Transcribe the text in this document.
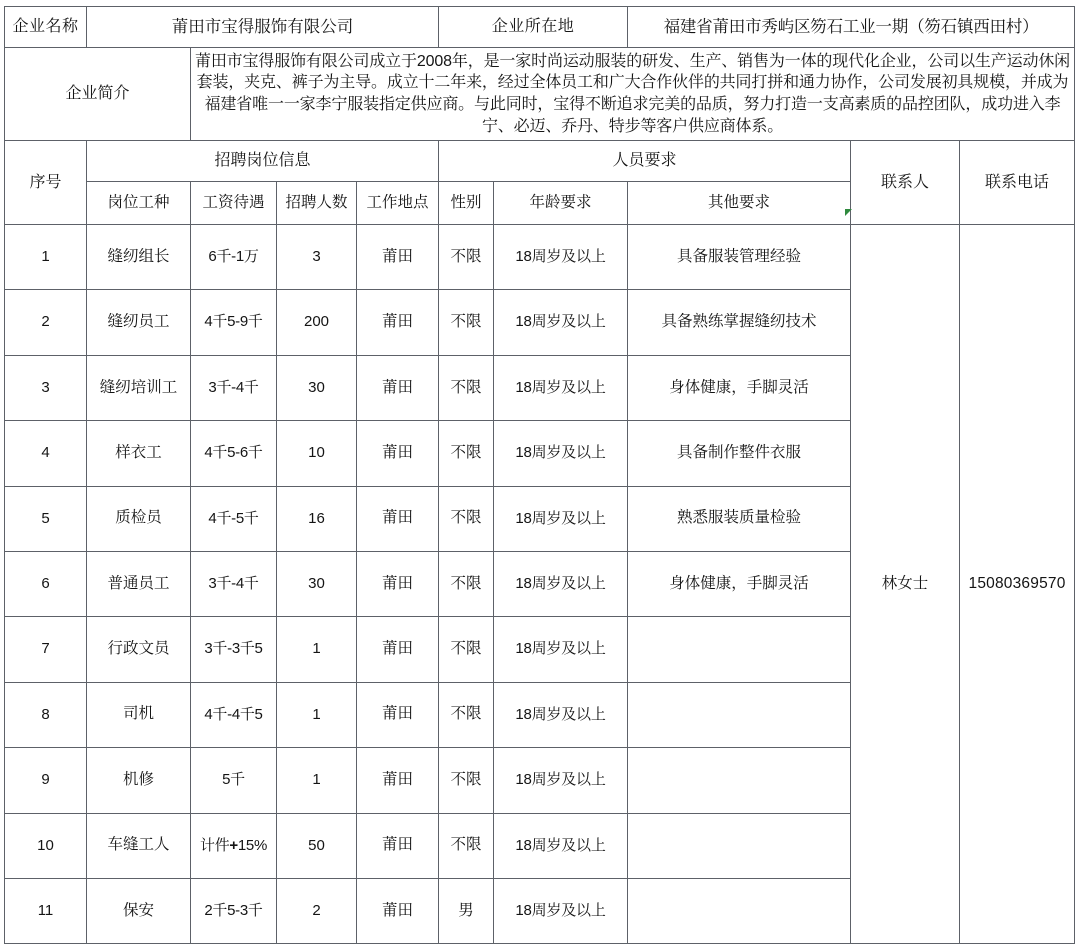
企业名称	莆田市宝得服饰有限公司				企业所在地		福建省莆田市秀屿区笏石工业一期（笏石镇西田村）		
企业简介		莆田市宝得服饰有限公司成立于2008年，是一家时尚运动服装的研发、生产、销售为一体的现代化企业，公司以生产运动休闲套装，夹克、裤子为主导。成立十二年来，经过全体员工和广大合作伙伴的共同打拼和通力协作，公司发展初具规模，并成为福建省唯一一家李宁服装指定供应商。与此同时，宝得不断追求完美的品质，努力打造一支高素质的品控团队，成功进入李宁、必迈、乔丹、特步等客户供应商体系。							
序号	招聘岗位信息				人员要求			联系人	联系电话
	岗位工种	工资待遇	招聘人数	工作地点	性别	年龄要求	其他要求		
1	缝纫组长	6千-1万	3	莆田	不限	18周岁及以上	具备服装管理经验	林女士	15080369570
2	缝纫员工	4千5-9千	200	莆田	不限	18周岁及以上	具备熟练掌握缝纫技术		
3	缝纫培训工	3千-4千	30	莆田	不限	18周岁及以上	身体健康，手脚灵活		
4	样衣工	4千5-6千	10	莆田	不限	18周岁及以上	具备制作整件衣服		
5	质检员	4千-5千	16	莆田	不限	18周岁及以上	熟悉服装质量检验		
6	普通员工	3千-4千	30	莆田	不限	18周岁及以上	身体健康，手脚灵活		
7	行政文员	3千-3千5	1	莆田	不限	18周岁及以上			
8	司机	4千-4千5	1	莆田	不限	18周岁及以上			
9	机修	5千	1	莆田	不限	18周岁及以上			
10	车缝工人	计件+15%	50	莆田	不限	18周岁及以上			
11	保安	2千5-3千	2	莆田	男	18周岁及以上			
